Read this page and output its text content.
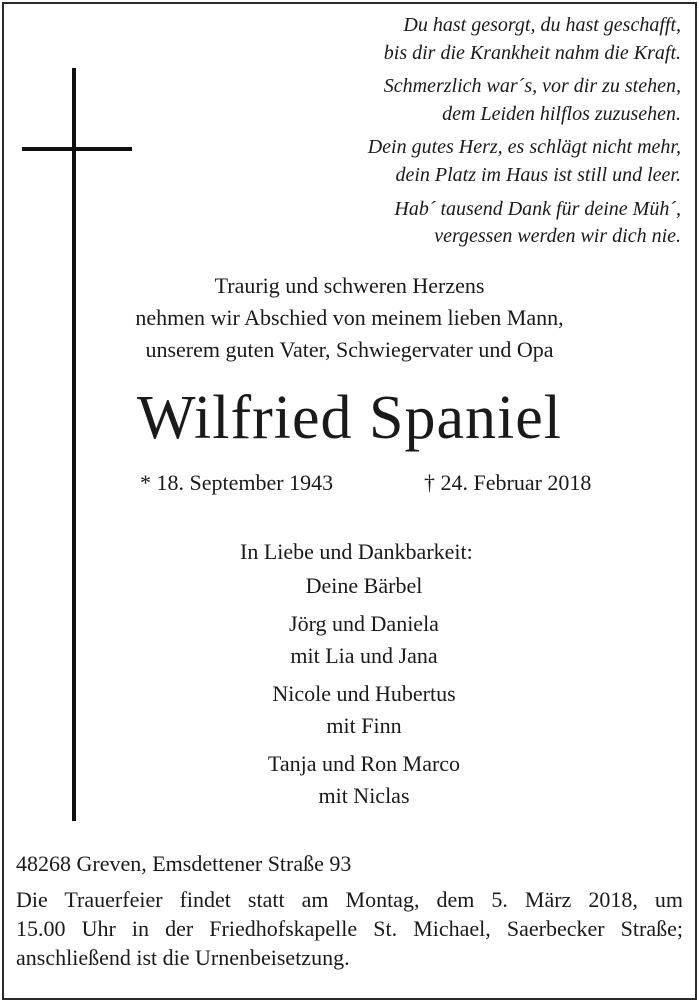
Du hast gesorgt, du hast geschafft,
bis dir die Krankheit nahm die Kraft.
Schmerzlich war´s, vor dir zu stehen,
dem Leiden hilflos zuzusehen.
Dein gutes Herz, es schlägt nicht mehr,
dein Platz im Haus ist still und leer.
Hab´ tausend Dank für deine Müh´,
vergessen werden wir dich nie.
Traurig und schweren Herzens
nehmen wir Abschied von meinem lieben Mann,
unserem guten Vater, Schwiegervater und Opa
Wilfried Spaniel
* 18. September 1943	† 24. Februar 2018
In Liebe und Dankbarkeit:
Deine Bärbel
Jörg und Daniela
mit Lia und Jana
Nicole und Hubertus
mit Finn
Tanja und Ron Marco
mit Niclas
48268 Greven, Emsdettener Straße 93
Die Trauerfeier findet statt am Montag, dem 5. März 2018, um
15.00 Uhr in der Friedhofskapelle St. Michael, Saerbecker Straße;
anschließend ist die Urnenbeisetzung.
